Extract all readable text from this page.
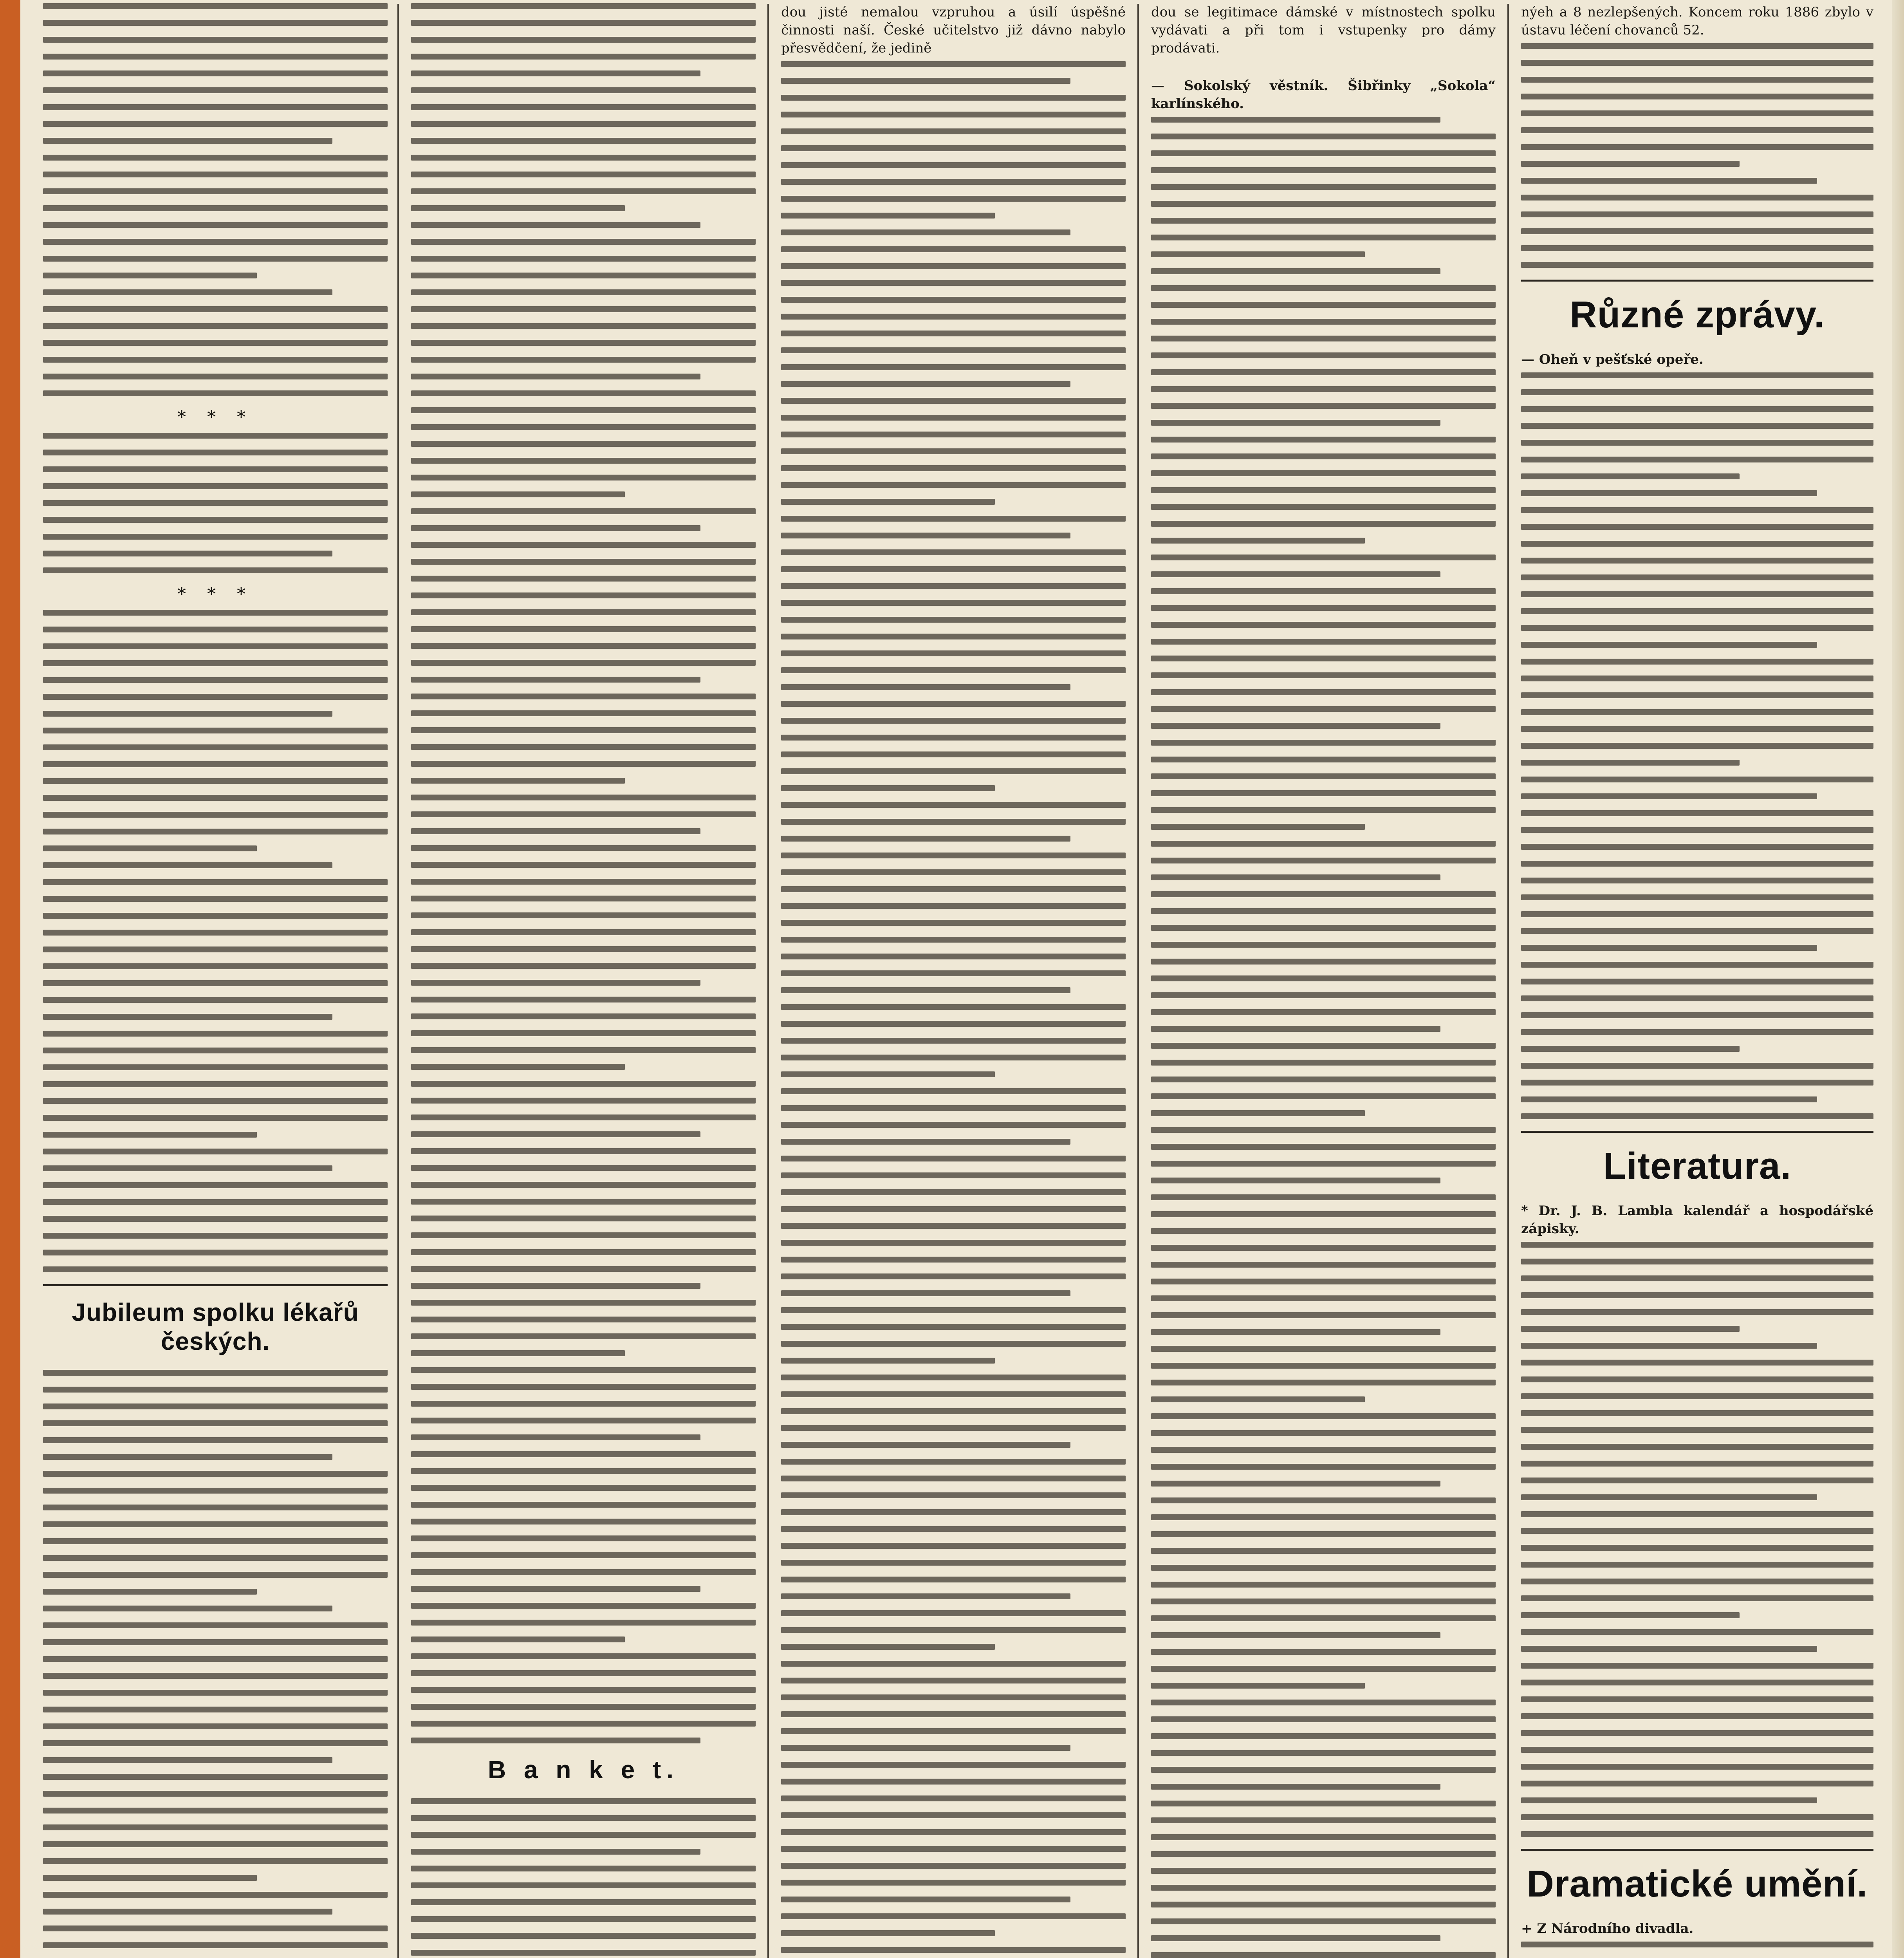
* * *
* * *
Jubileum spolku lékařů českých.
B a n k e t.

dou jisté nemalou vzpruhou a úsilí úspěšné činnosti naší. České učitelstvo již dávno nabylo přesvědčení, že jedině

dou se legitimace dámské v místnostech spolku vydávati a při tom i vstupenky pro dámy prodávati.

— Sokolský věstník. Šibřinky „Sokola“ karlínského.

nýeh a 8 nezlepšených. Koncem roku 1886 zbylo v ústavu léčení chovanců 52.

Různé zprávy.

— Oheň v pešťské opeře.

Literatura.

* Dr. J. B. Lambla kalendář a hospodářské zápisky.

Dramatické umění.

+ Z Národního divadla.
